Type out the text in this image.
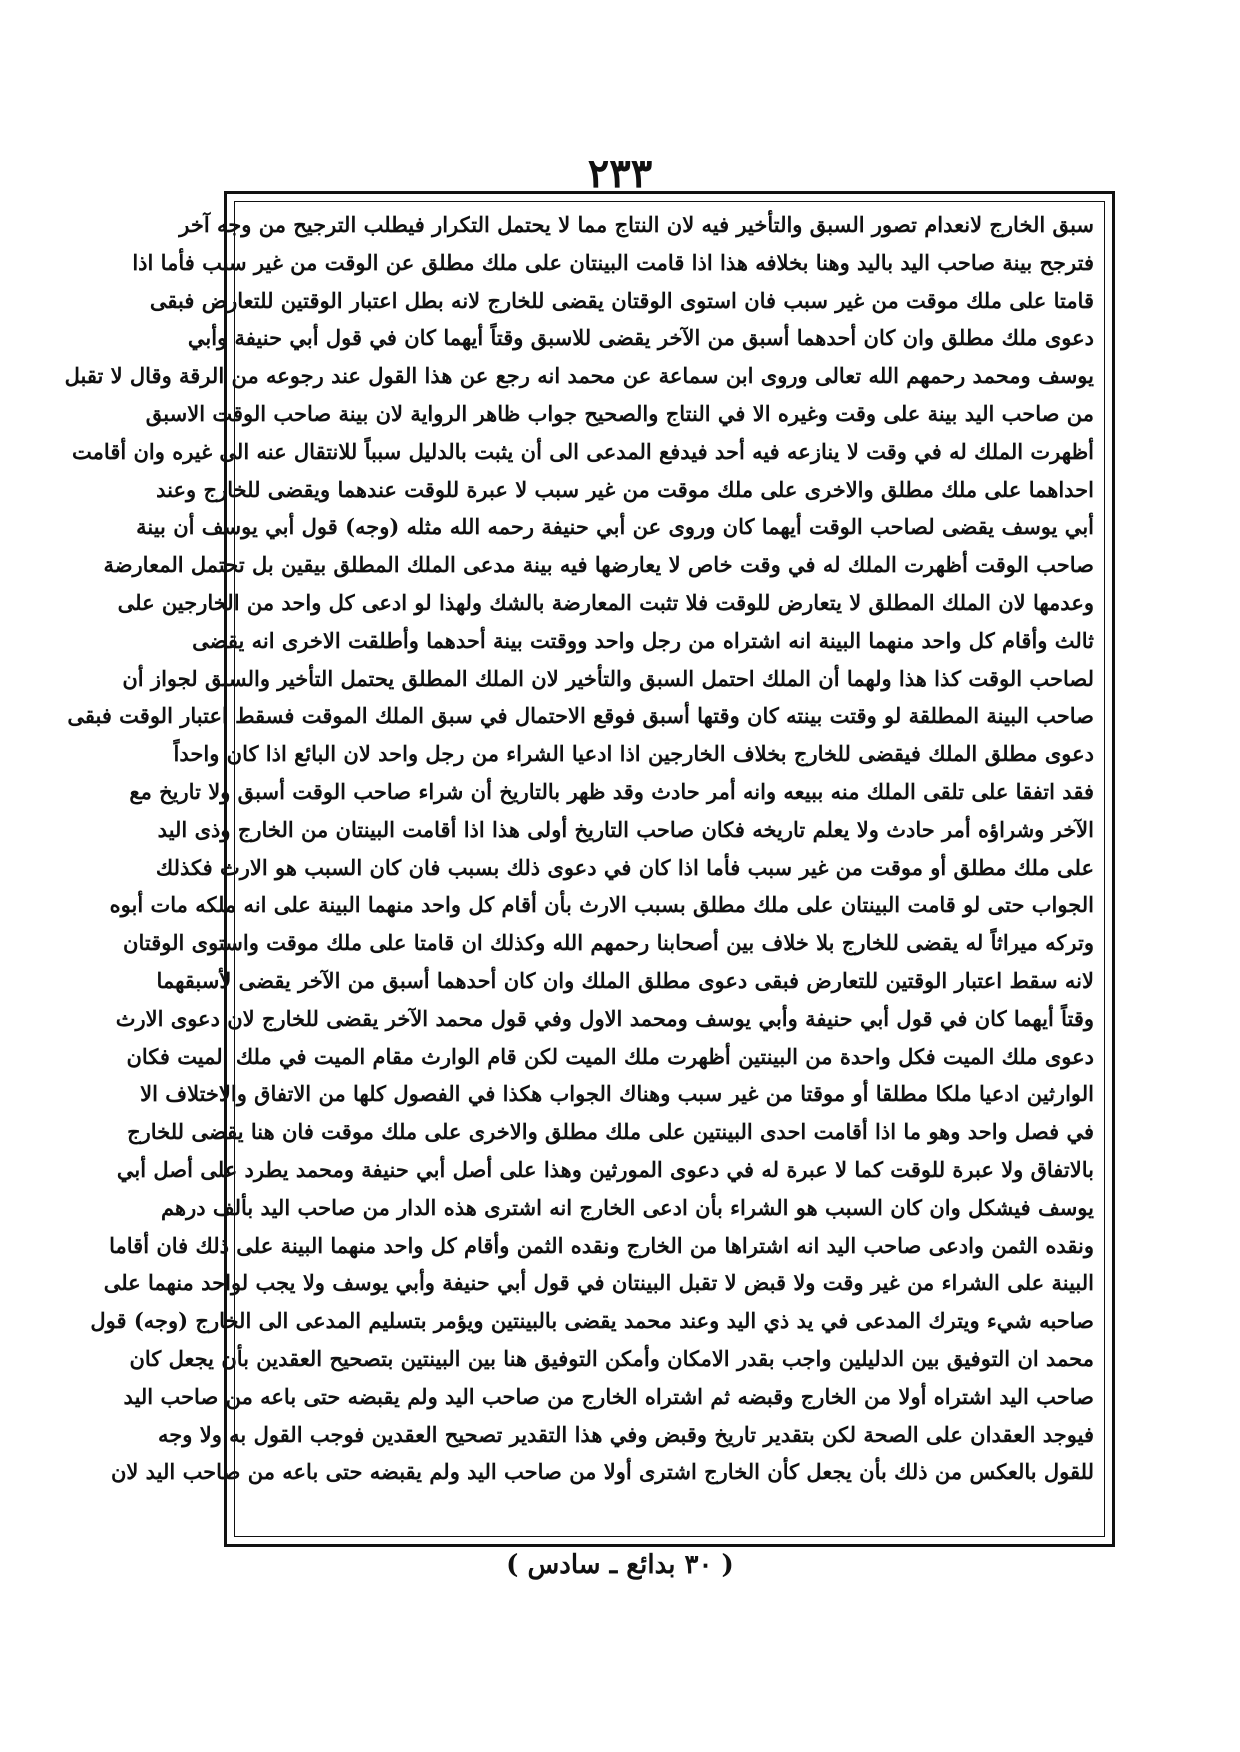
٢٣٣
سبق الخارج لانعدام تصور السبق والتأخير فيه لان النتاج مما لا يحتمل التكرار فيطلب الترجيح من وجه آخر
فترجح بينة صاحب اليد باليد وهنا بخلافه هذا اذا قامت البينتان على ملك مطلق عن الوقت من غير سبب فأما اذا
قامتا على ملك موقت من غير سبب فان استوى الوقتان يقضى للخارج لانه بطل اعتبار الوقتين للتعارض فبقى
دعوى ملك مطلق وان كان أحدهما أسبق من الآخر يقضى للاسبق وقتاً أيهما كان في قول أبي حنيفة وأبي
يوسف ومحمد رحمهم الله تعالى وروى ابن سماعة عن محمد انه رجع عن هذا القول عند رجوعه من الرقة وقال لا تقبل
من صاحب اليد بينة على وقت وغيره الا في النتاج والصحيح جواب ظاهر الرواية لان بينة صاحب الوقت الاسبق
أظهرت الملك له في وقت لا ينازعه فيه أحد فيدفع المدعى الى أن يثبت بالدليل سبباً للانتقال عنه الى غيره وان أقامت
احداهما على ملك مطلق والاخرى على ملك موقت من غير سبب لا عبرة للوقت عندهما ويقضى للخارج وعند
أبي يوسف يقضى لصاحب الوقت أيهما كان وروى عن أبي حنيفة رحمه الله مثله (وجه) قول أبي يوسف أن بينة
صاحب الوقت أظهرت الملك له في وقت خاص لا يعارضها فيه بينة مدعى الملك المطلق بيقين بل تحتمل المعارضة
وعدمها لان الملك المطلق لا يتعارض للوقت فلا تثبت المعارضة بالشك ولهذا لو ادعى كل واحد من الخارجين على
ثالث وأقام كل واحد منهما البينة انه اشتراه من رجل واحد ووقتت بينة أحدهما وأطلقت الاخرى انه يقضى
لصاحب الوقت كذا هذا ولهما أن الملك احتمل السبق والتأخير لان الملك المطلق يحتمل التأخير والسبق لجواز أن
صاحب البينة المطلقة لو وقتت بينته كان وقتها أسبق فوقع الاحتمال في سبق الملك الموقت فسقط اعتبار الوقت فبقى
دعوى مطلق الملك فيقضى للخارج بخلاف الخارجين اذا ادعيا الشراء من رجل واحد لان البائع اذا كان واحداً
فقد اتفقا على تلقى الملك منه ببيعه وانه أمر حادث وقد ظهر بالتاريخ أن شراء صاحب الوقت أسبق ولا تاريخ مع
الآخر وشراؤه أمر حادث ولا يعلم تاريخه فكان صاحب التاريخ أولى هذا اذا أقامت البينتان من الخارج وذى اليد
على ملك مطلق أو موقت من غير سبب فأما اذا كان في دعوى ذلك بسبب فان كان السبب هو الارث فكذلك
الجواب حتى لو قامت البينتان على ملك مطلق بسبب الارث بأن أقام كل واحد منهما البينة على انه ملكه مات أبوه
وتركه ميراثاً له يقضى للخارج بلا خلاف بين أصحابنا رحمهم الله وكذلك ان قامتا على ملك موقت واستوى الوقتان
لانه سقط اعتبار الوقتين للتعارض فبقى دعوى مطلق الملك وان كان أحدهما أسبق من الآخر يقضى لأسبقهما
وقتاً أيهما كان في قول أبي حنيفة وأبي يوسف ومحمد الاول وفي قول محمد الآخر يقضى للخارج لان دعوى الارث
دعوى ملك الميت فكل واحدة من البينتين أظهرت ملك الميت لكن قام الوارث مقام الميت في ملك الميت فكان
الوارثين ادعيا ملكا مطلقا أو موقتا من غير سبب وهناك الجواب هكذا في الفصول كلها من الاتفاق والاختلاف الا
في فصل واحد وهو ما اذا أقامت احدى البينتين على ملك مطلق والاخرى على ملك موقت فان هنا يقضى للخارج
بالاتفاق ولا عبرة للوقت كما لا عبرة له في دعوى المورثين وهذا على أصل أبي حنيفة ومحمد يطرد على أصل أبي
يوسف فيشكل وان كان السبب هو الشراء بأن ادعى الخارج انه اشترى هذه الدار من صاحب اليد بألف درهم
ونقده الثمن وادعى صاحب اليد انه اشتراها من الخارج ونقده الثمن وأقام كل واحد منهما البينة على ذلك فان أقاما
البينة على الشراء من غير وقت ولا قبض لا تقبل البينتان في قول أبي حنيفة وأبي يوسف ولا يجب لواحد منهما على
صاحبه شيء ويترك المدعى في يد ذي اليد وعند محمد يقضى بالبينتين ويؤمر بتسليم المدعى الى الخارج (وجه) قول
محمد ان التوفيق بين الدليلين واجب بقدر الامكان وأمكن التوفيق هنا بين البينتين بتصحيح العقدين بأن يجعل كان
صاحب اليد اشتراه أولا من الخارج وقبضه ثم اشتراه الخارج من صاحب اليد ولم يقبضه حتى باعه من صاحب اليد
فيوجد العقدان على الصحة لكن بتقدير تاريخ وقبض وفي هذا التقدير تصحيح العقدين فوجب القول به ولا وجه
للقول بالعكس من ذلك بأن يجعل كأن الخارج اشترى أولا من صاحب اليد ولم يقبضه حتى باعه من صاحب اليد لان
( ٣٠ بدائع ـ سادس )
